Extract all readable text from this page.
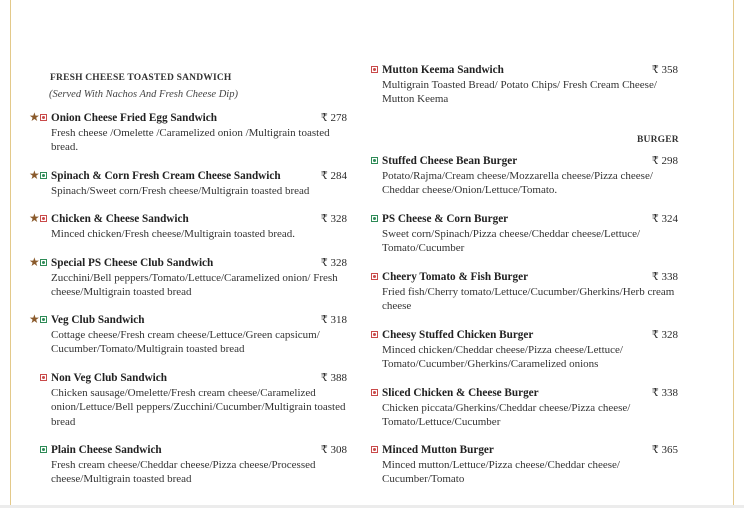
FRESH CHEESE TOASTED SANDWICH
(Served With Nachos And Fresh Cheese Dip)
BURGER
★ Onion Cheese Fried Egg Sandwich	₹ 278
Fresh cheese /Omelette /Caramelized onion /Multigrain toasted bread.
★ Spinach & Corn Fresh Cream Cheese Sandwich	₹ 284
Spinach/Sweet corn/Fresh cheese/Multigrain toasted bread
★ Chicken & Cheese Sandwich	₹ 328
Minced chicken/Fresh cheese/Multigrain toasted bread.
★ Special PS Cheese Club Sandwich	₹ 328
Zucchini/Bell peppers/Tomato/Lettuce/Caramelized onion/ Fresh cheese/Multigrain toasted bread
★ Veg Club Sandwich	₹ 318
Cottage cheese/Fresh cream cheese/Lettuce/Green capsicum/ Cucumber/Tomato/Multigrain toasted bread
Non Veg Club Sandwich	₹ 388
Chicken sausage/Omelette/Fresh cream cheese/Caramelized onion/Lettuce/Bell peppers/Zucchini/Cucumber/Multigrain toasted bread
Plain Cheese Sandwich	₹ 308
Fresh cream cheese/Cheddar cheese/Pizza cheese/Processed cheese/Multigrain toasted bread
Mutton Keema Sandwich	₹ 358
Multigrain Toasted Bread/ Potato Chips/ Fresh Cream Cheese/ Mutton Keema
Stuffed Cheese Bean Burger	₹ 298
Potato/Rajma/Cream cheese/Mozzarella cheese/Pizza cheese/ Cheddar cheese/Onion/Lettuce/Tomato.
PS Cheese & Corn Burger	₹ 324
Sweet corn/Spinach/Pizza cheese/Cheddar cheese/Lettuce/ Tomato/Cucumber
Cheery Tomato & Fish Burger	₹ 338
Fried fish/Cherry tomato/Lettuce/Cucumber/Gherkins/Herb cream cheese
Cheesy Stuffed Chicken Burger	₹ 328
Minced chicken/Cheddar cheese/Pizza cheese/Lettuce/ Tomato/Cucumber/Gherkins/Caramelized onions
Sliced Chicken & Cheese Burger	₹ 338
Chicken piccata/Gherkins/Cheddar cheese/Pizza cheese/ Tomato/Lettuce/Cucumber
Minced Mutton Burger	₹ 365
Minced mutton/Lettuce/Pizza cheese/Cheddar cheese/ Cucumber/Tomato
